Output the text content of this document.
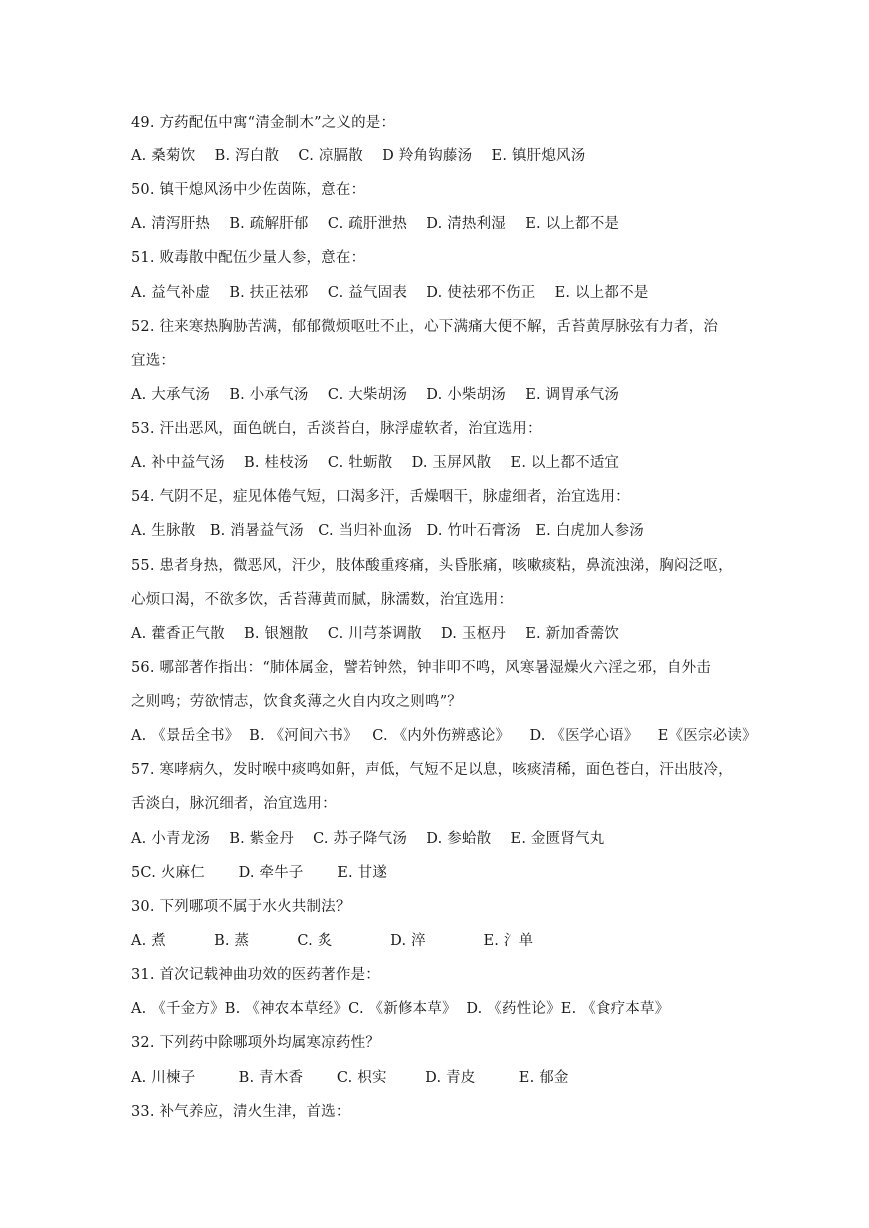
49. 方药配伍中寓“清金制木”之义的是：
A. 桑菊饮    B. 泻白散    C. 凉膈散    D 羚角钩藤汤    E. 镇肝熄风汤
50. 镇干熄风汤中少佐茵陈，意在：
A. 清泻肝热    B. 疏解肝郁    C. 疏肝泄热    D. 清热利湿    E. 以上都不是
51. 败毒散中配伍少量人参，意在：
A. 益气补虚    B. 扶正祛邪    C. 益气固表    D. 使祛邪不伤正    E. 以上都不是
52. 往来寒热胸胁苦满，郁郁微烦呕吐不止，心下满痛大便不解，舌苔黄厚脉弦有力者，治
宜选：
A. 大承气汤    B. 小承气汤    C. 大柴胡汤    D. 小柴胡汤    E. 调胃承气汤
53. 汗出恶风，面色㿠白，舌淡苔白，脉浮虚软者，治宜选用：
A. 补中益气汤    B. 桂枝汤    C. 牡蛎散    D. 玉屏风散    E. 以上都不适宜
54. 气阴不足，症见体倦气短，口渴多汗，舌燥咽干，脉虚细者，治宜选用：
A. 生脉散   B. 消暑益气汤   C. 当归补血汤   D. 竹叶石膏汤   E. 白虎加人参汤
55. 患者身热，微恶风，汗少，肢体酸重疼痛，头昏胀痛，咳嗽痰粘，鼻流浊涕，胸闷泛呕，
心烦口渴，不欲多饮，舌苔薄黄而腻，脉濡数，治宜选用：
A. 藿香正气散    B. 银翘散    C. 川芎茶调散    D. 玉枢丹    E. 新加香薷饮
56. 哪部著作指出：“肺体属金，譬若钟然，钟非叩不鸣，风寒暑湿燥火六淫之邪，自外击
之则鸣；劳欲情志，饮食炙薄之火自内攻之则鸣”？
A. 《景岳全书》  B. 《河间六书》   C. 《内外伤辨惑论》    D. 《医学心语》    E《医宗必读》
57. 寒哮病久，发时喉中痰鸣如鼾，声低，气短不足以息，咳痰清稀，面色苍白，汗出肢冷，
舌淡白，脉沉细者，治宜选用：
A. 小青龙汤    B. 紫金丹    C. 苏子降气汤    D. 参蛤散    E. 金匮肾气丸
5C. 火麻仁       D. 牵牛子       E. 甘遂
30. 下列哪项不属于水火共制法？
A. 煮          B. 蒸          C. 炙            D. 淬            E. 氵单
31. 首次记载神曲功效的医药著作是：
A. 《千金方》B. 《神农本草经》C. 《新修本草》  D. 《药性论》E. 《食疗本草》
32. 下列药中除哪项外均属寒凉药性？
A. 川楝子         B. 青木香       C. 枳实        D. 青皮         E. 郁金
33. 补气养应，清火生津，首选：
